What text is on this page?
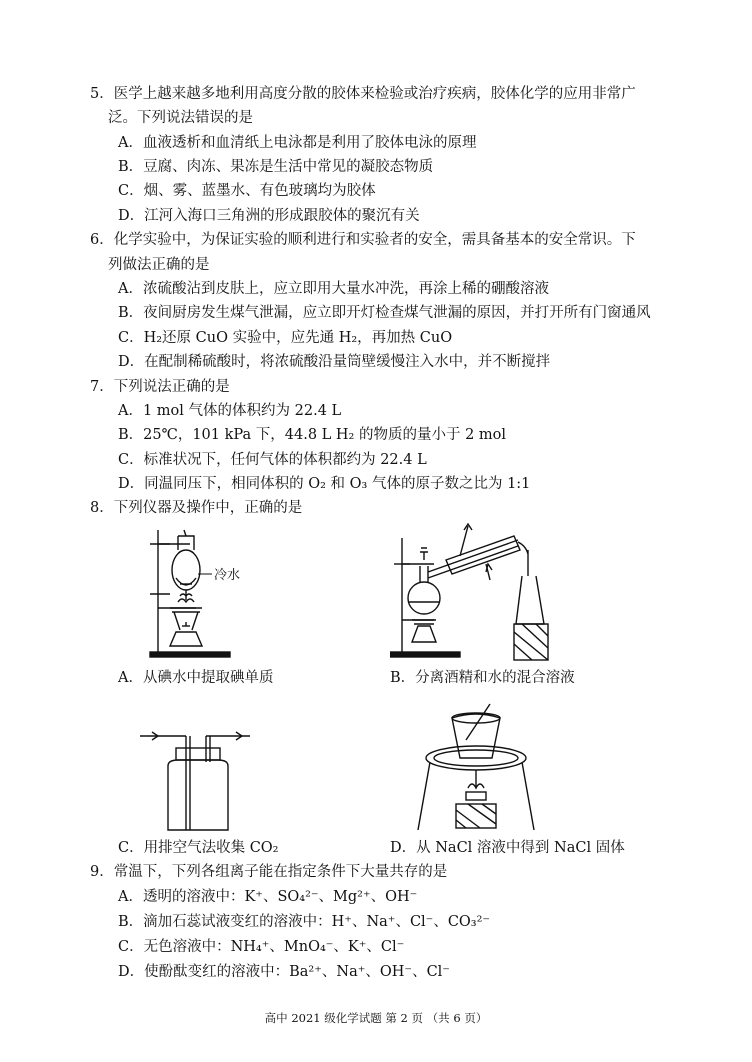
5．医学上越来越多地利用高度分散的胶体来检验或治疗疾病，胶体化学的应用非常广
泛。下列说法错误的是
A．血液透析和血清纸上电泳都是利用了胶体电泳的原理
B．豆腐、肉冻、果冻是生活中常见的凝胶态物质
C．烟、雾、蓝墨水、有色玻璃均为胶体
D．江河入海口三角洲的形成跟胶体的聚沉有关
6．化学实验中，为保证实验的顺利进行和实验者的安全，需具备基本的安全常识。下
列做法正确的是
A．浓硫酸沾到皮肤上，应立即用大量水冲洗，再涂上稀的硼酸溶液
B．夜间厨房发生煤气泄漏，应立即开灯检查煤气泄漏的原因，并打开所有门窗通风
C．H₂还原 CuO 实验中，应先通 H₂，再加热 CuO
D．在配制稀硫酸时，将浓硫酸沿量筒壁缓慢注入水中，并不断搅拌
7．下列说法正确的是
A．1 mol 气体的体积约为 22.4 L
B．25℃，101 kPa 下，44.8 L H₂ 的物质的量小于 2 mol
C．标准状况下，任何气体的体积都约为 22.4 L
D．同温同压下，相同体积的 O₂ 和 O₃ 气体的原子数之比为 1:1
8．下列仪器及操作中，正确的是
冷水
A．从碘水中提取碘单质	B．分离酒精和水的混合溶液
C．用排空气法收集 CO₂	D．从 NaCl 溶液中得到 NaCl 固体
9．常温下，下列各组离子能在指定条件下大量共存的是
A．透明的溶液中：K⁺、SO₄²⁻、Mg²⁺、OH⁻
B．滴加石蕊试液变红的溶液中：H⁺、Na⁺、Cl⁻、CO₃²⁻
C．无色溶液中：NH₄⁺、MnO₄⁻、K⁺、Cl⁻
D．使酚酞变红的溶液中：Ba²⁺、Na⁺、OH⁻、Cl⁻
高中 2021 级化学试题 第 2 页 （共 6 页）
